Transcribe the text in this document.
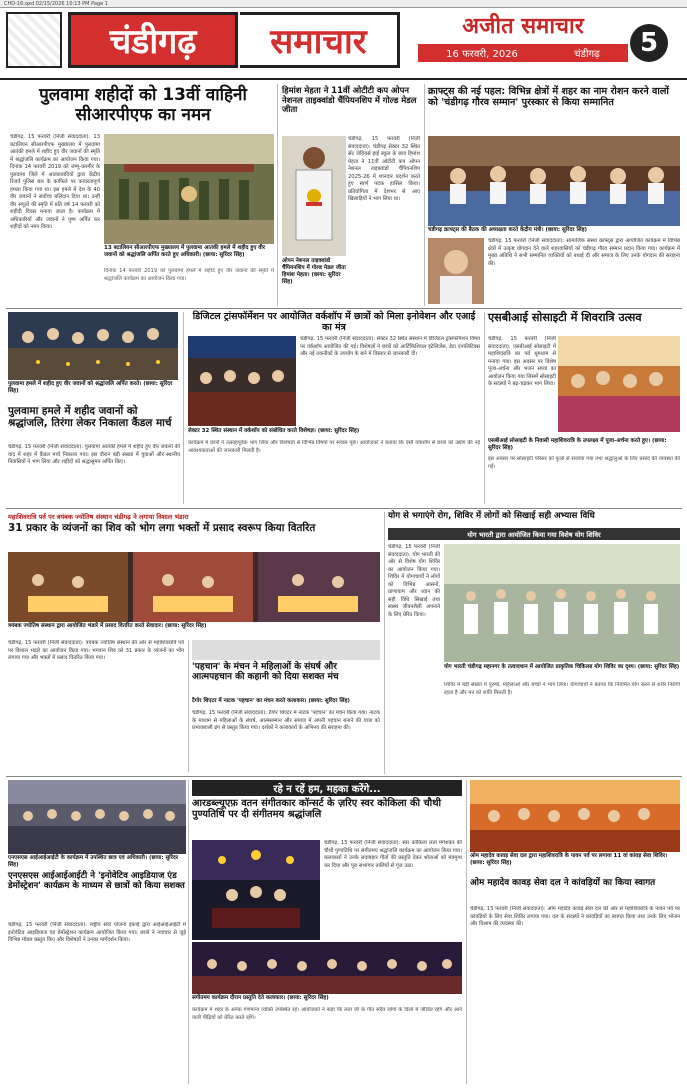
CHD-16.qxd 02/15/2026 10:13 PM Page 1
चंडीगढ़	समाचार	अजीत समाचार
16 फरवरी, 2026	चंडीगढ़	5
पुलवामा शहीदों को 13वीं वाहिनी सीआरपीएफ का नमन
चंडीगढ़, 15 फरवरी (निजी संवाददाता): 13 बटालियन सीआरपीएफ मुख्यालय में पुलवामा आतंकी हमले में शहीद हुए वीर जवानों की स्मृति में श्रद्धांजलि कार्यक्रम का आयोजन किया गया। दिनांक 14 फरवरी 2019 को जम्मू-कश्मीर के पुलवामा जिले में आतंकवादियों द्वारा केंद्रीय रिजर्व पुलिस बल के काफिले पर कायरतापूर्ण हमला किया गया था। इस हमले में देश के 40 वीर जवानों ने सर्वोच्च बलिदान दिया था। उन्हीं वीर सपूतों की स्मृति में प्रति वर्ष 14 फरवरी को शहीदी दिवस मनाया जाता है। कार्यक्रम में अधिकारियों और जवानों ने पुष्प अर्पित कर शहीदों को नमन किया।
13 बटालियन सीआरपीएफ मुख्यालय में पुलवामा आतंकी हमले में शहीद हुए वीर जवानों को श्रद्धांजलि अर्पित करते हुए अधिकारी। (छाया: सुरिंदर सिंह)
दिनांक 14 फरवरी 2019 को पुलवामा हमले में शहीद हुए वीर जवानों की स्मृति में श्रद्धांजलि कार्यक्रम का आयोजन किया गया।
हिमांश मेहता ने 11वीं ओटीटी कप ओपन नेशनल ताइक्वांडो चैंपियनशिप में गोल्ड मेडल जीता
चंडीगढ़, 15 फरवरी (निजी संवाददाता): चंडीगढ़ सेक्टर 32 स्थित सेंट जेवियर्स हाई स्कूल के छात्र हिमांश मेहता ने 11वीं ओटीटी कप ओपन नेशनल ताइक्वांडो चैंपियनशिप 2025-26 में शानदार प्रदर्शन करते हुए स्वर्ण पदक हासिल किया। प्रतियोगिता में देशभर से आए खिलाड़ियों ने भाग लिया था।
ओपन नेशनल ताइक्वांडो चैंपियनशिप में गोल्ड मेडल जीता हिमांश मेहता। (छाया: सुरिंदर सिंह)
क्राफ्ट्स की नई पहल: विभिन्न क्षेत्रों में शहर का नाम रोशन करने वालों को 'चंडीगढ़ गौरव सम्मान' पुरस्कार से किया सम्मानित
चंडीगढ़ क्राफ्ट्स की बैठक की अध्यक्षता करते केंद्रीय मंत्री। (छाया: सुरिंदर सिंह)
चंडीगढ़, 15 फरवरी (निजी संवाददाता): सामाजिक संस्था क्राफ्ट्स द्वारा आयोजित कार्यक्रम में विभिन्न क्षेत्रों में उत्कृष्ट योगदान देने वाले शहरवासियों को चंडीगढ़ गौरव सम्मान प्रदान किया गया। कार्यक्रम में मुख्य अतिथि ने सभी सम्मानित व्यक्तियों को बधाई दी और समाज के लिए उनके योगदान की सराहना की।
पुलवामा हमले में शहीद हुए वीर जवानों को श्रद्धांजलि अर्पित करते। (छाया: सुरिंदर सिंह)
पुलवामा हमले में शहीद जवानों को श्रद्धांजलि, तिरंगा लेकर निकाला कैंडल मार्च
चंडीगढ़, 15 फरवरी (निजी संवाददाता): पुलवामा आतंकी हमले में शहीद हुए वीर जवानों की याद में शहर में कैंडल मार्च निकाला गया। इस दौरान बड़ी संख्या में युवाओं और स्थानीय निवासियों ने भाग लिया और शहीदों को श्रद्धासुमन अर्पित किए।
डिजिटल ट्रांसफॉर्मेशन पर आयोजित वर्कशॉप में छात्रों को मिला इनोवेशन और एआई का मंत्र
चंडीगढ़, 15 फरवरी (निजी संवाददाता): सेक्टर 32 स्थित संस्थान में डिजिटल ट्रांसफॉर्मेशन विषय पर वर्कशॉप आयोजित की गई। विशेषज्ञों ने छात्रों को आर्टिफिशियल इंटेलिजेंस, डेटा एनालिटिक्स और नई तकनीकों के उपयोग के बारे में विस्तार से जानकारी दी।
सेक्टर 32 स्थित संस्थान में वर्कशॉप को संबोधित करते विशेषज्ञ। (छाया: सुरिंदर सिंह)
कार्यक्रम में छात्रों ने उत्साहपूर्वक भाग लिया और विशेषज्ञों से विभिन्न विषयों पर सवाल पूछे। आयोजकों ने बताया कि ऐसी वर्कशॉप से छात्रों को उद्योग की नई आवश्यकताओं की जानकारी मिलती है।
एसबीआई सोसाइटी में शिवरात्रि उत्सव
चंडीगढ़, 15 फरवरी (निजी संवाददाता): एसबीआई सोसाइटी में महाशिवरात्रि का पर्व धूमधाम से मनाया गया। इस अवसर पर विशेष पूजा-अर्चना और भजन संध्या का आयोजन किया गया जिसमें सोसाइटी के सदस्यों ने बढ़-चढ़कर भाग लिया।
एसबीआई सोसाइटी के निवासी महाशिवरात्रि के उपलक्ष्य में पूजा-अर्चना करते हुए। (छाया: सुरिंदर सिंह)
इस अवसर पर सोसाइटी परिसर को फूलों से सजाया गया तथा श्रद्धालुओं के लिए प्रसाद की व्यवस्था की गई।
महाशिवरात्रि पर्व पर त्रयंबक ज्योतिष संस्थान चंडीगढ़ ने लगाया विशाल भंडारा
31 प्रकार के व्यंजनों का शिव को भोग लगा भक्तों में प्रसाद स्वरूप किया वितरित
त्रयंबक ज्योतिष संस्थान द्वारा आयोजित भंडारे में प्रसाद वितरित करते सेवादार। (छाया: सुरिंदर सिंह)
चंडीगढ़, 15 फरवरी (निजी संवाददाता): त्रयंबक ज्योतिष संस्थान की ओर से महाशिवरात्रि पर्व पर विशाल भंडारे का आयोजन किया गया। भगवान शिव को 31 प्रकार के व्यंजनों का भोग लगाया गया और भक्तों में प्रसाद वितरित किया गया।
'पहचान' के मंचन ने महिलाओं के संघर्ष और आत्मपहचान की कहानी को दिया सशक्त मंच
टैगोर थिएटर में नाटक 'पहचान' का मंचन करते कलाकार। (छाया: सुरिंदर सिंह)
चंडीगढ़, 15 फरवरी (निजी संवाददाता): टैगोर थिएटर में नाटक 'पहचान' का मंचन किया गया। नाटक के माध्यम से महिलाओं के संघर्ष, आत्मसम्मान और समाज में अपनी पहचान बनाने की यात्रा को प्रभावशाली ढंग से प्रस्तुत किया गया। दर्शकों ने कलाकारों के अभिनय की सराहना की।
योग से भगाएंगे रोग, शिविर में लोगों को सिखाई सही अभ्यास विधि
योग भारती द्वारा आयोजित किया गया विशेष योग शिविर
चंडीगढ़, 15 फरवरी (निजी संवाददाता): योग भारती की ओर से विशेष योग शिविर का आयोजन किया गया। शिविर में योगाचार्यों ने लोगों को विभिन्न आसनों, प्राणायाम और ध्यान की सही विधि सिखाई तथा स्वस्थ जीवनशैली अपनाने के लिए प्रेरित किया।
योग भारती चंडीगढ़ महानगर के तत्वावधान में आयोजित प्राकृतिक चिकित्सा योग शिविर का दृश्य। (छाया: सुरिंदर सिंह)
शिविर में बड़ी संख्या में पुरुषों, महिलाओं और बच्चों ने भाग लिया। योगाचार्यों ने बताया कि नियमित योग करने से शरीर निरोगी रहता है और मन को शांति मिलती है।
रहे न रहें हम, महका करेंगे...
आरडब्ल्यूएफ़ वतन संगीतकार कॉन्सर्ट के ज़रिए स्वर कोकिला की चौथी पुण्यतिथि पर दी संगीतमय श्रद्धांजलि
चंडीगढ़, 15 फरवरी (निजी संवाददाता): स्वर कोकिला लता मंगेशकर की चौथी पुण्यतिथि पर संगीतमय श्रद्धांजलि कार्यक्रम का आयोजन किया गया। कलाकारों ने उनके सदाबहार गीतों की प्रस्तुति देकर श्रोताओं को मंत्रमुग्ध कर दिया और पूरा सभागार तालियों से गूंज उठा।
संगीतमय कार्यक्रम दौरान प्रस्तुति देते कलाकार। (छाया: सुरिंदर सिंह)
कार्यक्रम में शहर के अनेक गणमान्य व्यक्ति उपस्थित रहे। आयोजकों ने कहा कि लता जी के गीत सदैव लोगों के दिलों में जीवित रहेंगे और आने वाली पीढ़ियों को प्रेरित करते रहेंगे।
एनएसएस आईआईआईटी के कार्यक्रम में उपस्थित छात्र एवं अधिकारी। (छाया: सुरिंदर सिंह)
एनएसएस आईआईआईटी ने 'इनोवेटिव आइडियाज एंड डेमोंस्ट्रेशन' कार्यक्रम के माध्यम से छात्रों को किया सशक्त
चंडीगढ़, 15 फरवरी (निजी संवाददाता): राष्ट्रीय सेवा योजना इकाई द्वारा आईआईआईटी में इनोवेटिव आइडियाज एंड डेमोंस्ट्रेशन कार्यक्रम आयोजित किया गया। छात्रों ने नवाचार से जुड़े विभिन्न मॉडल प्रस्तुत किए और विशेषज्ञों ने उनका मार्गदर्शन किया।
ओम महादेव कावड़ सेवा दल द्वारा महाशिवरात्रि के पावन पर्व पर लगाया 11 वां कांवड़ सेवा शिविर। (छाया: सुरिंदर सिंह)
ओम महादेव कावड़ सेवा दल ने कांवड़ियों का किया स्वागत
चंडीगढ़, 15 फरवरी (निजी संवाददाता): ओम महादेव कावड़ सेवा दल की ओर से महाशिवरात्रि के पावन पर्व पर कांवड़ियों के लिए सेवा शिविर लगाया गया। दल के सदस्यों ने कांवड़ियों का स्वागत किया तथा उनके लिए भोजन और विश्राम की व्यवस्था की।
